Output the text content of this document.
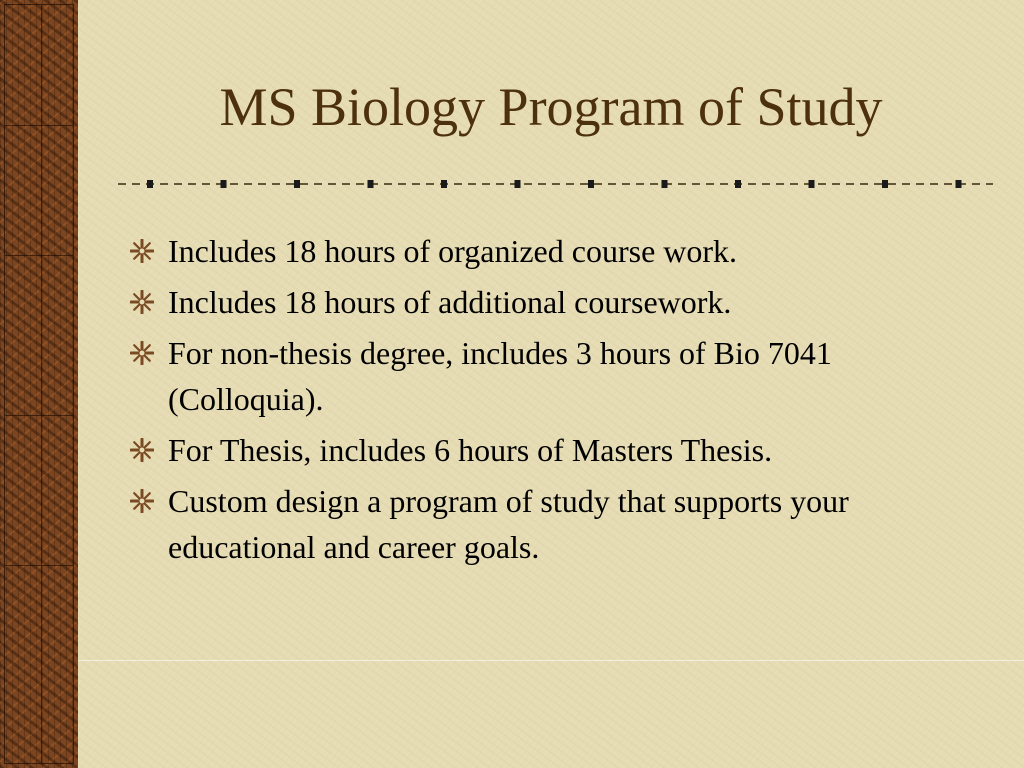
MS Biology Program of Study
Includes 18 hours of organized course work.
Includes 18 hours of additional coursework.
For non-thesis degree, includes 3 hours of Bio 7041 (Colloquia).
For Thesis, includes 6 hours of Masters Thesis.
Custom design a program of study that supports your educational and career goals.
